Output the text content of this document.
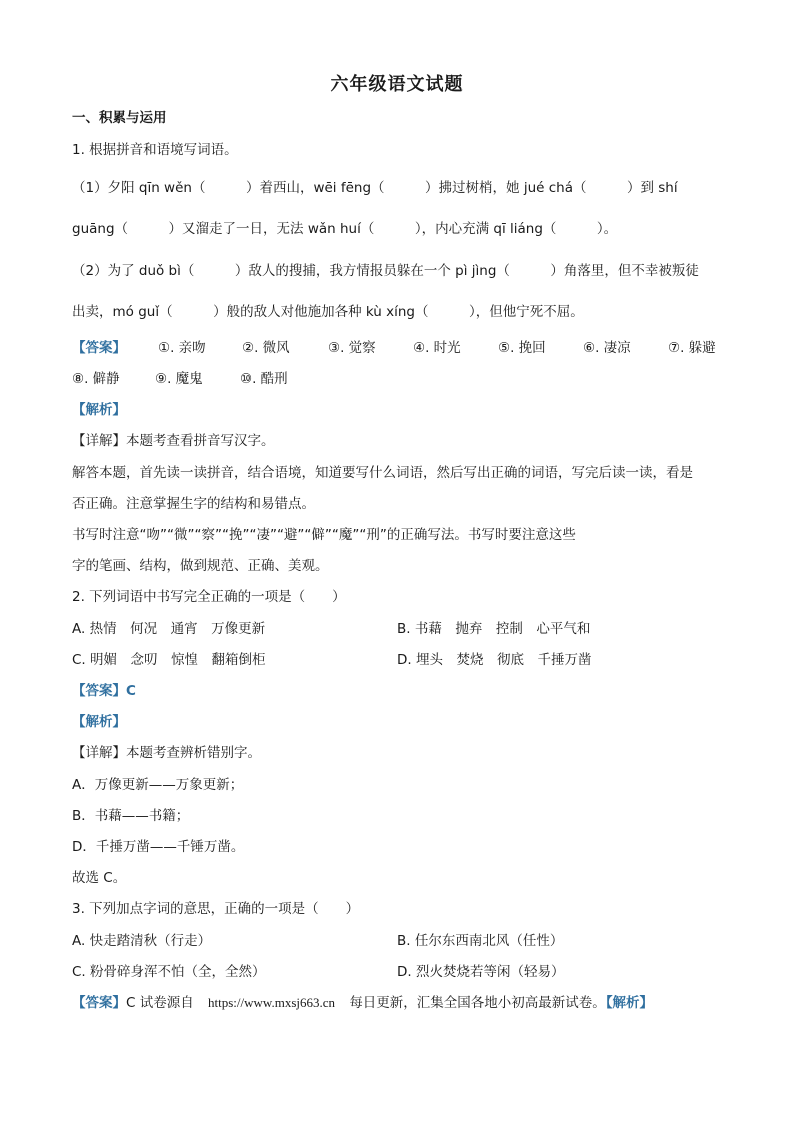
六年级语文试题
一、积累与运用
1. 根据拼音和语境写词语。
（1）夕阳 qīn wěn（　　　）着西山，wēi fēng（　　　）拂过树梢，她 jué chá（　　　）到 shí
guāng（　　　）又溜走了一日，无法 wǎn huí（　　　），内心充满 qī liáng（　　　）。
（2）为了 duǒ bì（　　　）敌人的搜捕，我方情报员躲在一个 pì jìng（　　　）角落里，但不幸被叛徒
出卖，mó guǐ（　　　）般的敌人对他施加各种 kù xíng（　　　），但他宁死不屈。
【答案】 ①. 亲吻	②. 微风	③. 觉察	④. 时光	⑤. 挽回	⑥. 凄凉	⑦. 躲避
⑧. 僻静	⑨. 魔鬼	⑩. 酷刑
【解析】
【详解】本题考查看拼音写汉字。
解答本题，首先读一读拼音，结合语境，知道要写什么词语，然后写出正确的词语，写完后读一读，看是
否正确。注意掌握生字的结构和易错点。
书写时注意“吻”“微”“察”“挽”“凄”“避”“僻”“魔”“刑”的正确写法。书写时要注意这些
字的笔画、结构，做到规范、正确、美观。
2. 下列词语中书写完全正确的一项是（　　）
A. 热情　何况　通宵　万像更新	B. 书藉　抛弃　控制　心平气和
C. 明媚　念叨　惊惶　翻箱倒柜	D. 埋头　焚烧　彻底　千捶万凿
【答案】C
【解析】
【详解】本题考查辨析错别字。
A．万像更新——万象更新；
B．书藉——书籍；
D．千捶万凿——千锤万凿。
故选 C。
3. 下列加点字词的意思，正确的一项是（　　）
A. 快走踏清秋（行走）	B. 任尔东西南北风（任性）
C. 粉骨碎身浑不怕（全，全然）	D. 烈火焚烧若等闲（轻易）
【答案】C 试卷源自 https://www.mxsj663.cn 每日更新，汇集全国各地小初高最新试卷。【解析】
